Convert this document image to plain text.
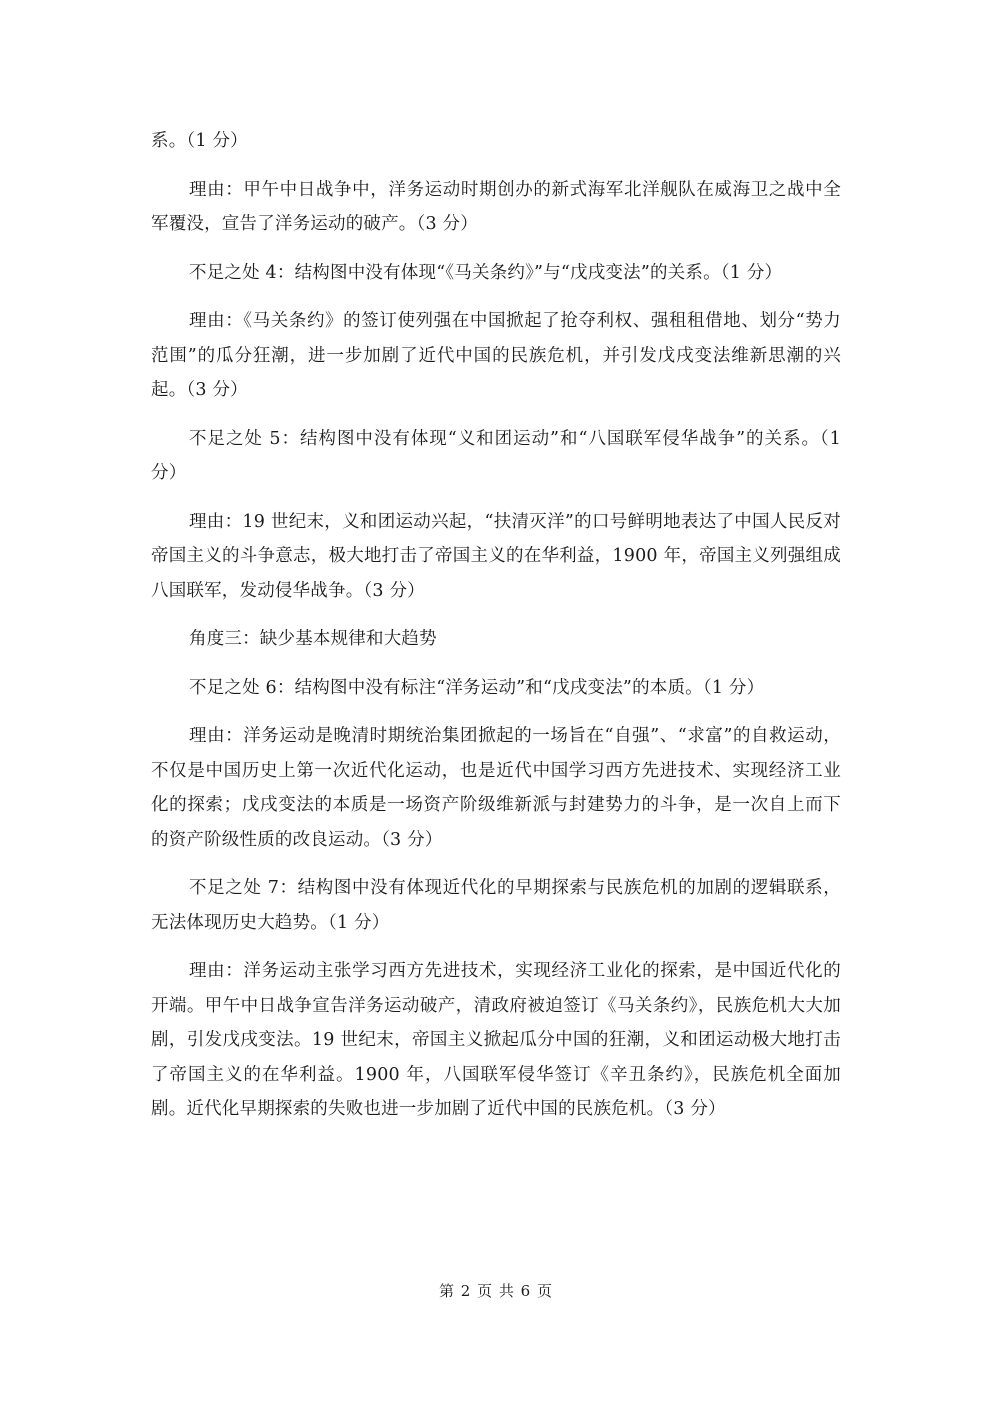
系。（1 分）

理由：甲午中日战争中，洋务运动时期创办的新式海军北洋舰队在威海卫之战中全军覆没，宣告了洋务运动的破产。（3 分）

不足之处 4：结构图中没有体现“《马关条约》”与“戊戌变法”的关系。（1 分）

理由：《马关条约》的签订使列强在中国掀起了抢夺利权、强租租借地、划分“势力范围”的瓜分狂潮，进一步加剧了近代中国的民族危机，并引发戊戌变法维新思潮的兴起。（3 分）

不足之处 5：结构图中没有体现“义和团运动”和“八国联军侵华战争”的关系。（1 分）

理由：19 世纪末，义和团运动兴起，“扶清灭洋”的口号鲜明地表达了中国人民反对帝国主义的斗争意志，极大地打击了帝国主义的在华利益，1900 年，帝国主义列强组成八国联军，发动侵华战争。（3 分）

角度三：缺少基本规律和大趋势

不足之处 6：结构图中没有标注“洋务运动”和“戊戌变法”的本质。（1 分）

理由：洋务运动是晚清时期统治集团掀起的一场旨在“自强”、“求富”的自救运动，不仅是中国历史上第一次近代化运动，也是近代中国学习西方先进技术、实现经济工业化的探索；戊戌变法的本质是一场资产阶级维新派与封建势力的斗争，是一次自上而下的资产阶级性质的改良运动。（3 分）

不足之处 7：结构图中没有体现近代化的早期探索与民族危机的加剧的逻辑联系，无法体现历史大趋势。（1 分）

理由：洋务运动主张学习西方先进技术，实现经济工业化的探索，是中国近代化的开端。甲午中日战争宣告洋务运动破产，清政府被迫签订《马关条约》，民族危机大大加剧，引发戊戌变法。19 世纪末，帝国主义掀起瓜分中国的狂潮，义和团运动极大地打击了帝国主义的在华利益。1900 年，八国联军侵华签订《辛丑条约》，民族危机全面加剧。近代化早期探索的失败也进一步加剧了近代中国的民族危机。（3 分）

第 2 页 共 6 页
